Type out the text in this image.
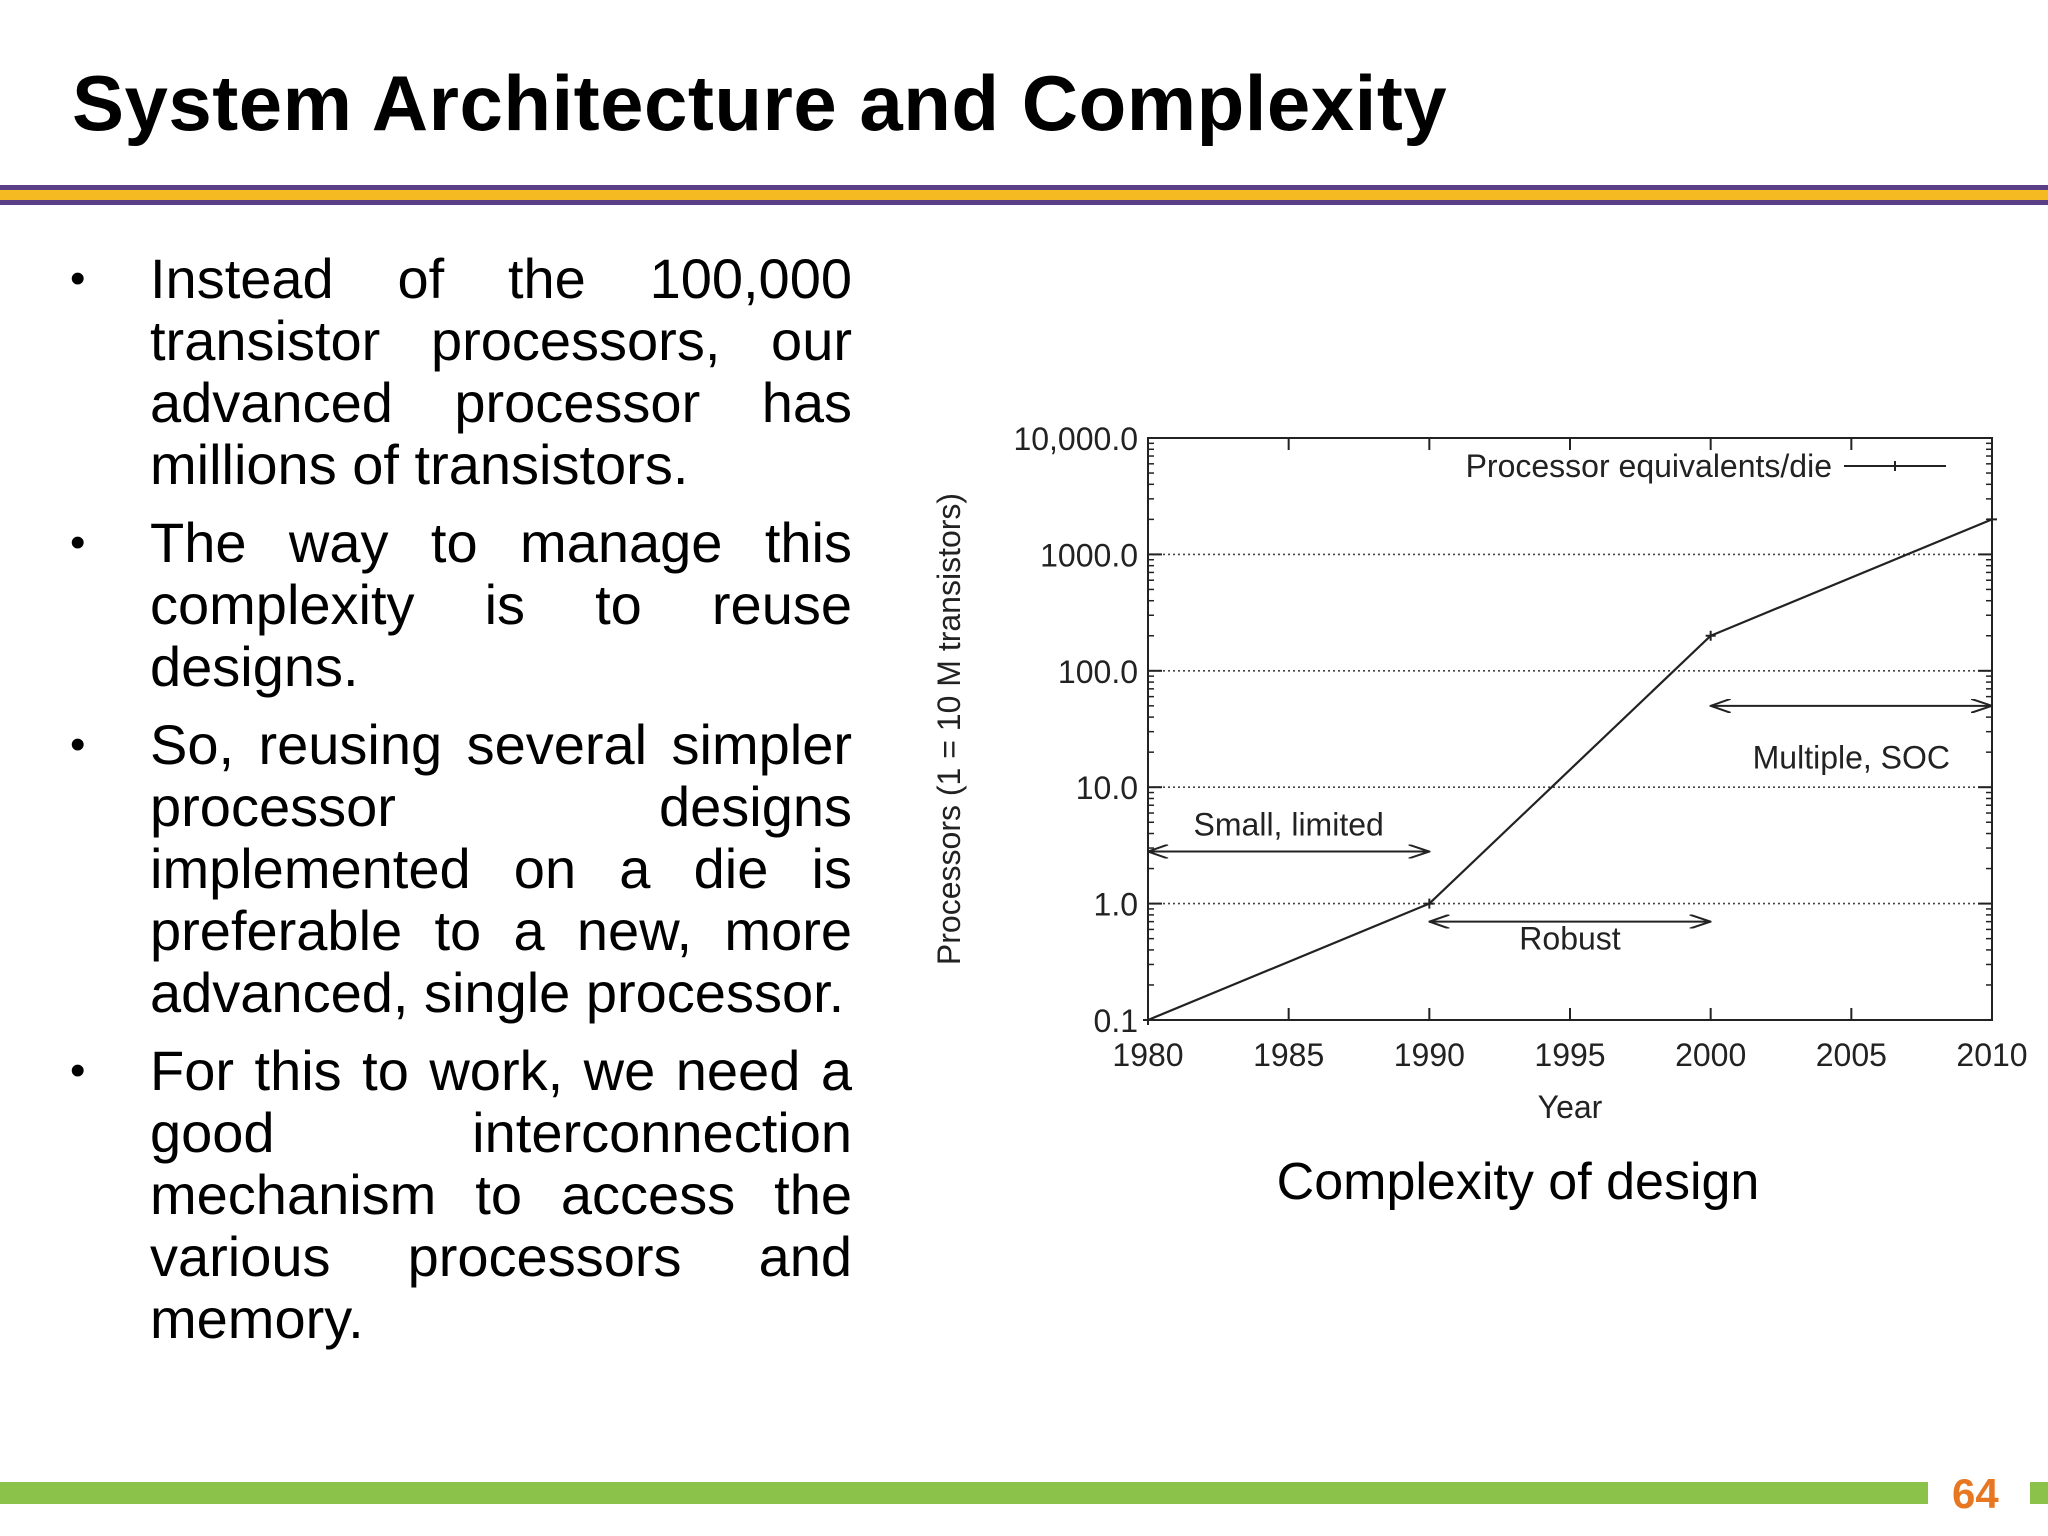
System Architecture and Complexity
• Instead of the 100,000 transistor processors, our advanced processor has millions of transistors.
• The way to manage this complexity is to reuse designs.
• So, reusing several simpler processor designs implemented on a die is preferable to a new, more advanced, single processor.
• For this to work, we need a good interconnection mechanism to access the various processors and memory.
0.1
1.0
10.0
100.0
1000.0
10,000.0
1980 1985 1990 1995 2000 2005 2010
Year
Processors (1 = 10 M transistors)
Processor equivalents/die
Small, limited
Robust
Multiple, SOC

Complexity of design

64
